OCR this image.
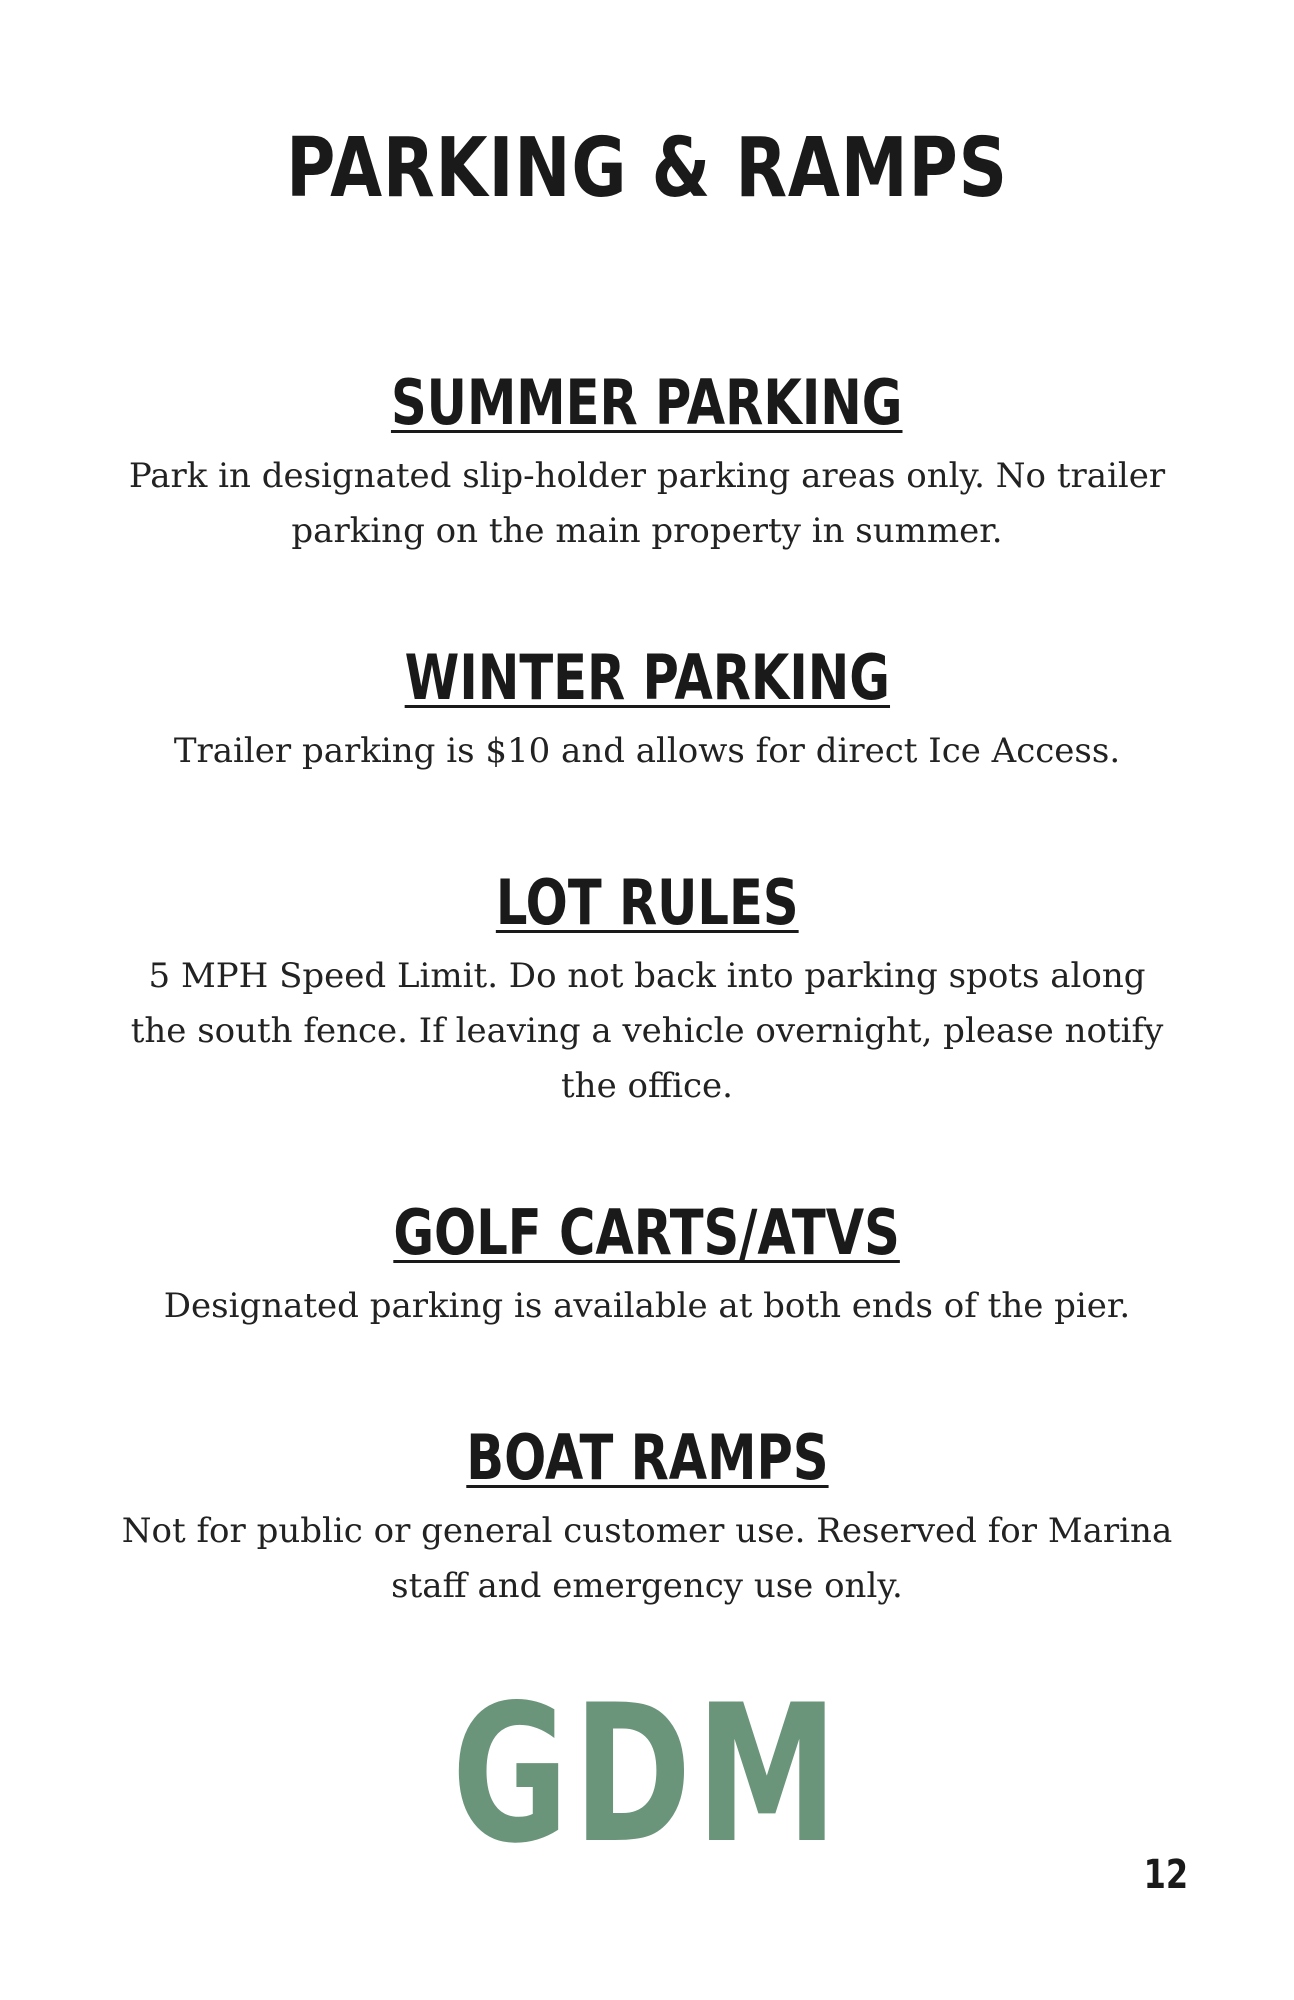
PARKING & RAMPS
SUMMER PARKING

Park in designated slip-holder parking areas only. No trailer parking on the main property in summer.

WINTER PARKING

Trailer parking is $10 and allows for direct Ice Access.

LOT RULES

5 MPH Speed Limit. Do not back into parking spots along the south fence. If leaving a vehicle overnight, please notify the office.

GOLF CARTS/ATVS

Designated parking is available at both ends of the pier.

BOAT RAMPS

Not for public or general customer use. Reserved for Marina staff and emergency use only.

GDM	12
